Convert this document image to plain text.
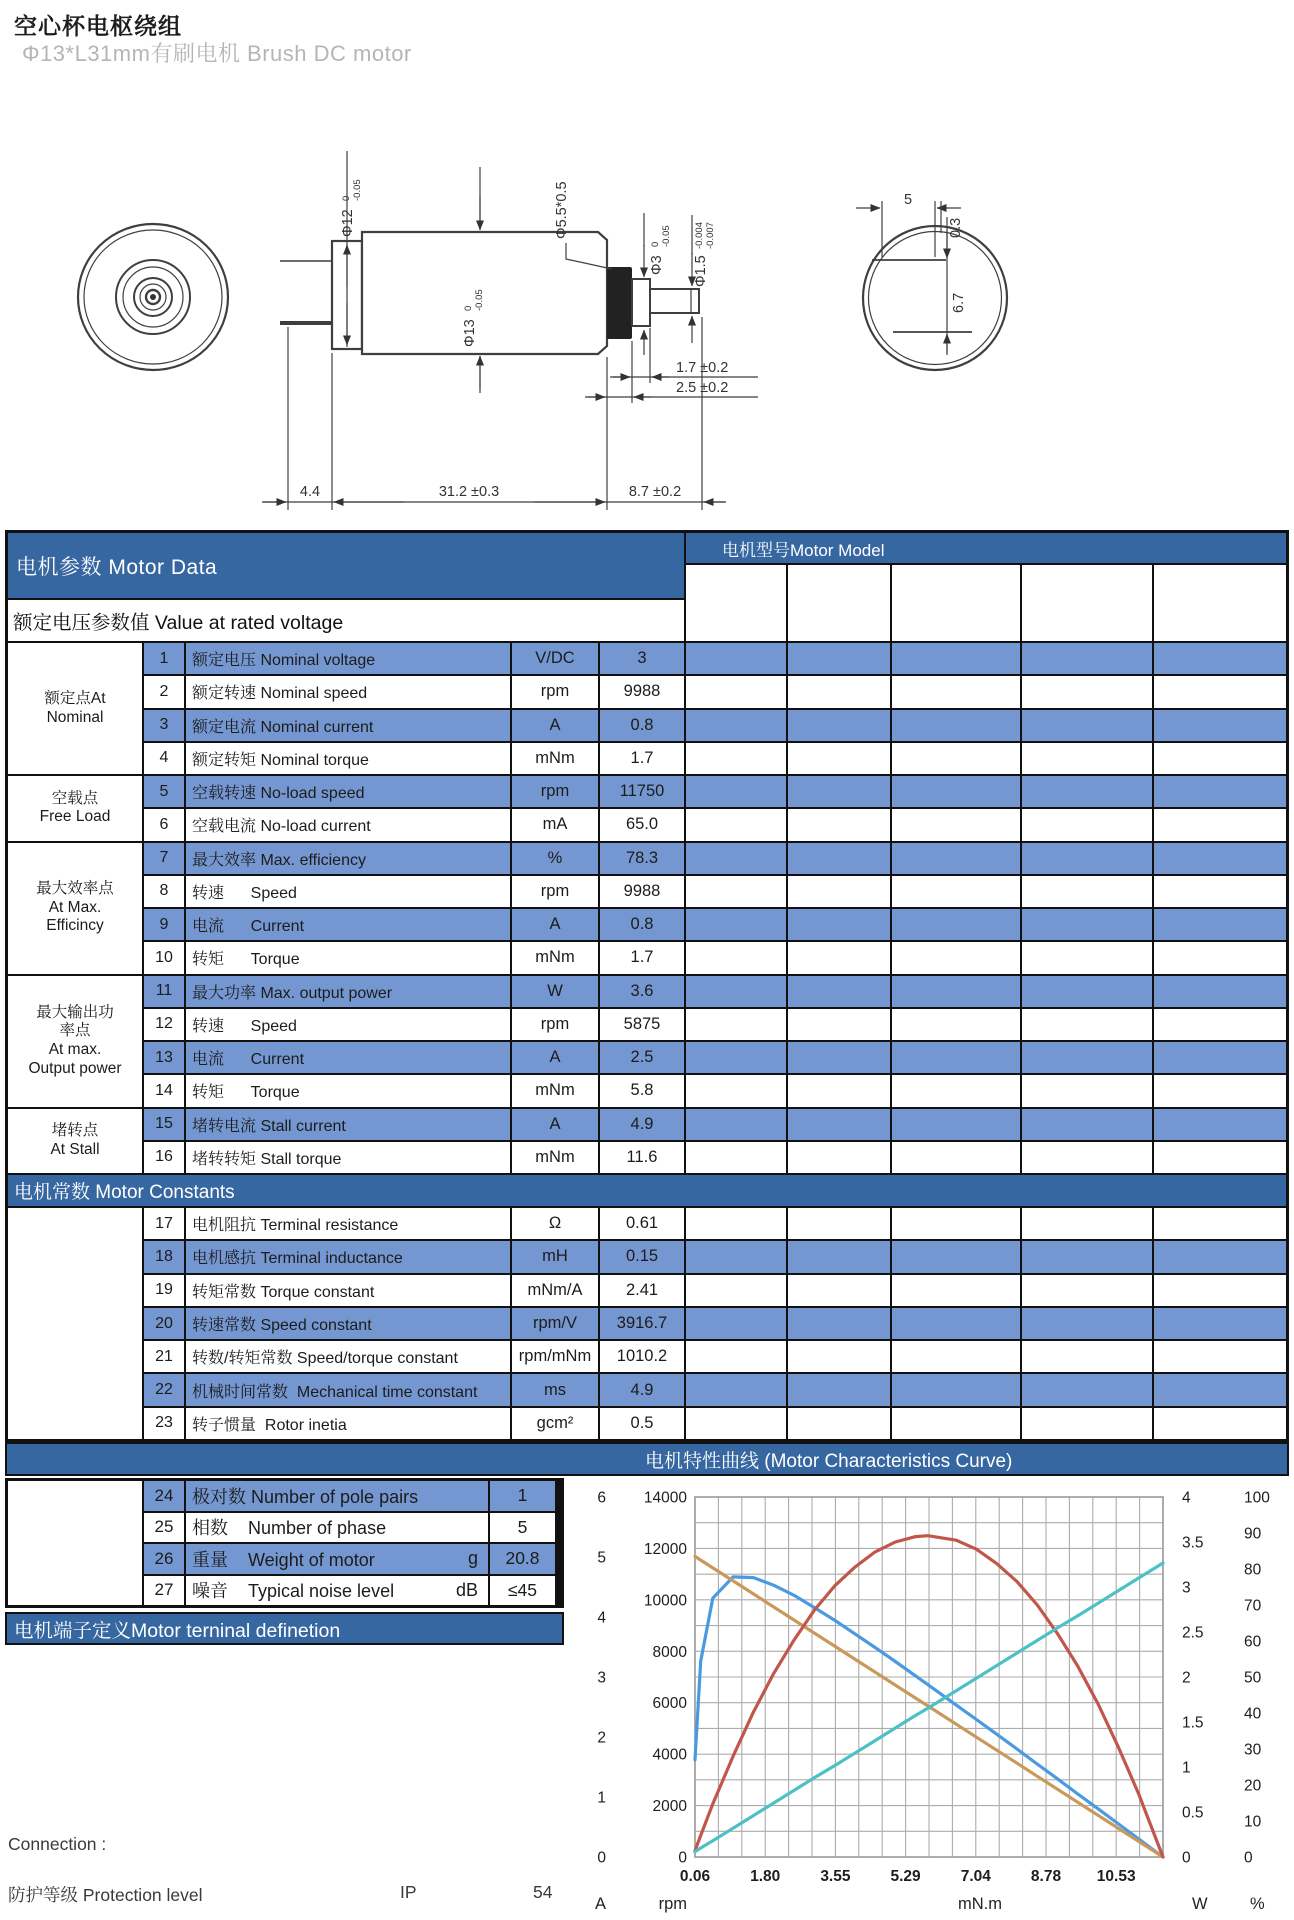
空心杯电枢绕组
Φ13*L31mm有刷电机 Brush DC motor
Φ12
0 -0.05
Φ13
0 -0.05
Φ5.5*0.5
Φ3
0 -0.05
Φ1.5
-0.004 -0.007
1.7 ±0.2
2.5 ±0.2
4.4	31.2 ±0.3	8.7 ±0.2
5
0.3
6.7
电机参数 Motor Data
电机型号Motor Model
额定电压参数值 Value at rated voltage
电机常数 Motor Constants
额定点At
Nominal
空载点
Free Load
最大效率点
At Max.
Efficincy
最大输出功
率点
At max.
Output power
堵转点
At Stall
1	额定电压 Nominal voltage	V/DC	3
2	额定转速 Nominal speed	rpm	9988
3	额定电流 Nominal current	A	0.8
4	额定转矩 Nominal torque	mNm	1.7
5	空载转速 No-load speed	rpm	11750
6	空载电流 No-load current	mA	65.0
7	最大效率 Max. efficiency	%	78.3
8	转速      Speed	rpm	9988
9	电流      Current	A	0.8
10	转矩      Torque	mNm	1.7
11	最大功率 Max. output power	W	3.6
12	转速      Speed	rpm	5875
13	电流      Current	A	2.5
14	转矩      Torque	mNm	5.8
15	堵转电流 Stall current	A	4.9
16	堵转转矩 Stall torque	mNm	11.6
17	电机阻抗 Terminal resistance	Ω	0.61
18	电机感抗 Terminal inductance	mH	0.15
19	转矩常数 Torque constant	mNm/A	2.41
20	转速常数 Speed constant	rpm/V	3916.7
21	转数/转矩常数 Speed/torque constant	rpm/mNm	1010.2
22	机械时间常数  Mechanical time constant	ms	4.9
23	转子惯量  Rotor inetia	gcm²	0.5
电机特性曲线 (Motor Characteristics Curve)
24	极对数 Number of pole pairs	1
25	相数    Number of phase	5
26	重量    Weight of motor	g	20.8
27	噪音    Typical noise level	dB	≤45
电机端子定义Motor terninal definetion
0
1
2
3
4
5
6
0
2000
4000
6000
8000
10000
12000
14000
0
0.5
1
1.5
2
2.5
3
3.5
4
0
10
20
30
40
50
60
70
80
90
100
0.06	1.80	3.55	5.29	7.04	8.78 10.53
A	rpm	mN.m	W	%
Connection :
防护等级 Protection level	IP	54
